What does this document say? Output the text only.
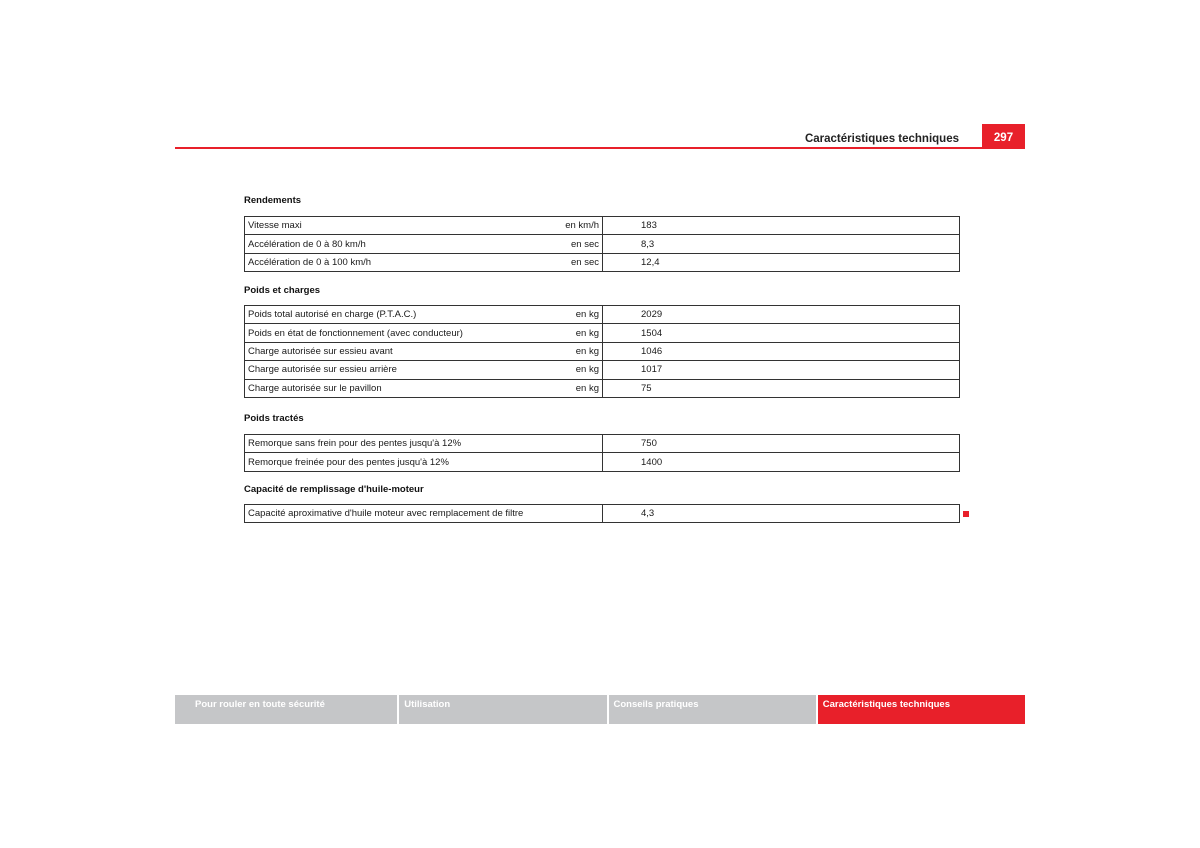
Caractéristiques techniques	297
Rendements
Vitesse maxi	en km/h	183
Accélération de 0 à 80 km/h	en sec	8,3
Accélération de 0 à 100 km/h	en sec	12,4
Poids et charges
Poids total autorisé en charge (P.T.A.C.)	en kg	2029
Poids en état de fonctionnement (avec conducteur)	en kg	1504
Charge autorisée sur essieu avant	en kg	1046
Charge autorisée sur essieu arrière	en kg	1017
Charge autorisée sur le pavillon	en kg	75
Poids tractés
Remorque sans frein pour des pentes jusqu'à 12%	750
Remorque freinée pour des pentes jusqu'à 12%	1400
Capacité de remplissage d'huile-moteur
Capacité aproximative d'huile moteur avec remplacement de filtre	4,3
Pour rouler en toute sécurité	Utilisation	Conseils pratiques	Caractéristiques techniques
